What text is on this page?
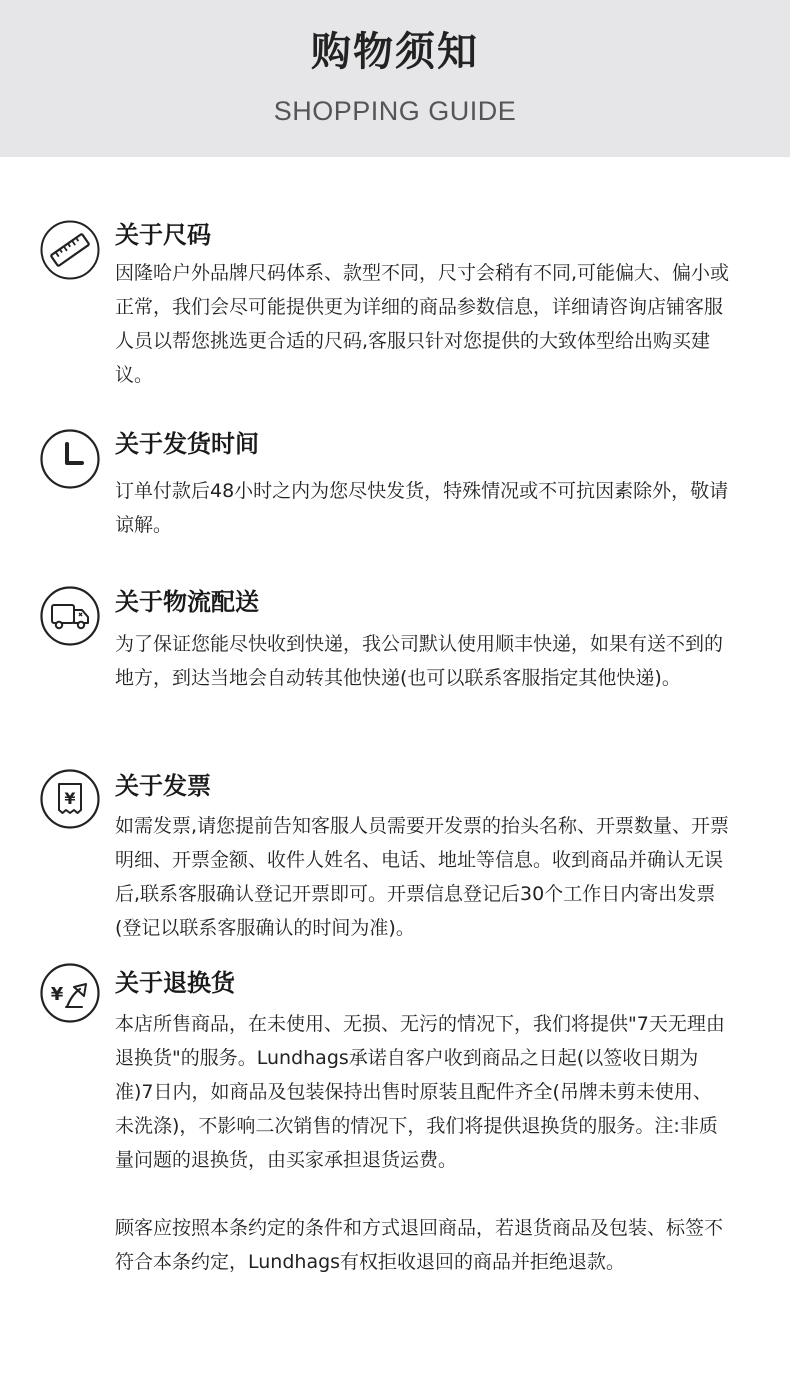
购物须知
SHOPPING GUIDE
关于尺码

因隆哈户外品牌尺码体系、款型不同，尺寸会稍有不同,可能偏大、偏小或正常，我们会尽可能提供更为详细的商品参数信息，详细请咨询店铺客服人员以帮您挑选更合适的尺码,客服只针对您提供的大致体型给出购买建议。

关于发货时间

订单付款后48小时之内为您尽快发货，特殊情况或不可抗因素除外，敬请谅解。

关于物流配送

为了保证您能尽快收到快递，我公司默认使用顺丰快递，如果有送不到的地方，到达当地会自动转其他快递(也可以联系客服指定其他快递)。

¥ 关于发票

如需发票,请您提前告知客服人员需要开发票的抬头名称、开票数量、开票明细、开票金额、收件人姓名、电话、地址等信息。收到商品并确认无误后,联系客服确认登记开票即可。开票信息登记后30个工作日内寄出发票(登记以联系客服确认的时间为准)。

¥ 关于退换货

本店所售商品，在未使用、无损、无污的情况下，我们将提供"7天无理由退换货"的服务。Lundhags承诺自客户收到商品之日起(以签收日期为准)7日内，如商品及包装保持出售时原装且配件齐全(吊牌未剪未使用、未洗涤)，不影响二次销售的情况下，我们将提供退换货的服务。注:非质量问题的退换货，由买家承担退货运费。

顾客应按照本条约定的条件和方式退回商品，若退货商品及包装、标签不符合本条约定，Lundhags有权拒收退回的商品并拒绝退款。
